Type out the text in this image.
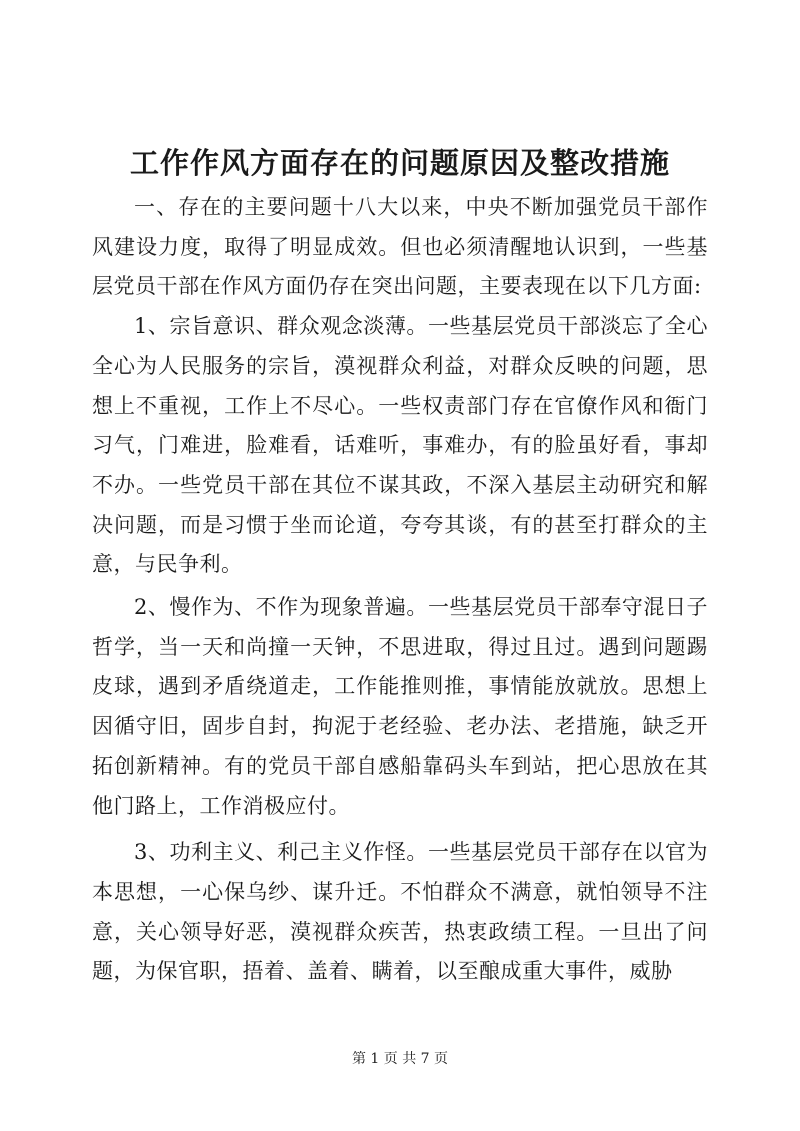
工作作风方面存在的问题原因及整改措施

一、存在的主要问题十八大以来，中央不断加强党员干部作风建设力度，取得了明显成效。但也必须清醒地认识到，一些基层党员干部在作风方面仍存在突出问题，主要表现在以下几方面:

1、宗旨意识、群众观念淡薄。一些基层党员干部淡忘了全心全心为人民服务的宗旨，漠视群众利益，对群众反映的问题，思想上不重视，工作上不尽心。一些权责部门存在官僚作风和衙门习气，门难进，脸难看，话难听，事难办，有的脸虽好看，事却不办。一些党员干部在其位不谋其政，不深入基层主动研究和解决问题，而是习惯于坐而论道，夸夸其谈，有的甚至打群众的主意，与民争利。

2、慢作为、不作为现象普遍。一些基层党员干部奉守混日子哲学，当一天和尚撞一天钟，不思进取，得过且过。遇到问题踢皮球，遇到矛盾绕道走，工作能推则推，事情能放就放。思想上因循守旧，固步自封，拘泥于老经验、老办法、老措施，缺乏开拓创新精神。有的党员干部自感船靠码头车到站，把心思放在其他门路上，工作消极应付。

3、功利主义、利己主义作怪。一些基层党员干部存在以官为本思想，一心保乌纱、谋升迁。不怕群众不满意，就怕领导不注意，关心领导好恶，漠视群众疾苦，热衷政绩工程。一旦出了问题，为保官职，捂着、盖着、瞒着，以至酿成重大事件，威胁

第 1 页 共 7 页
